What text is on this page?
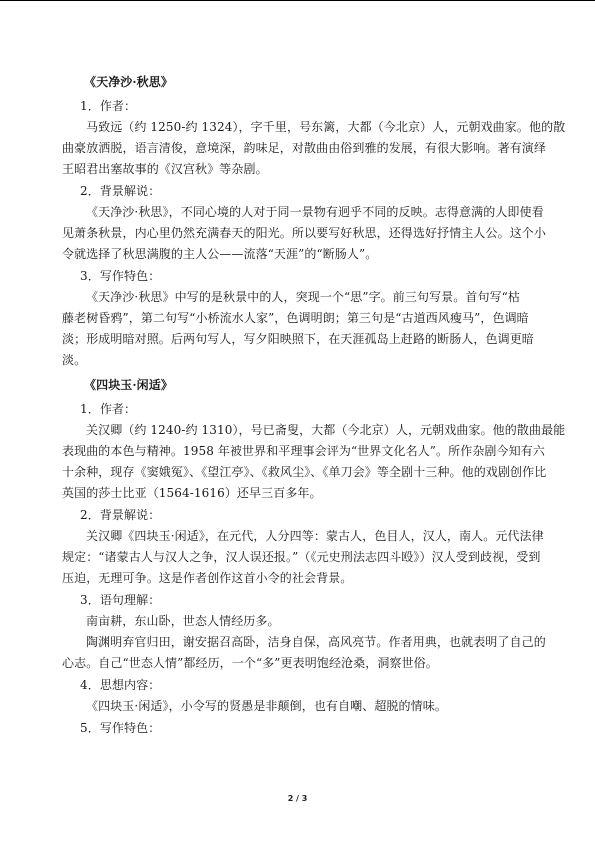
《天净沙·秋思》
1．作者：
马致远（约 1250-约 1324），字千里，号东篱，大都（今北京）人，元朝戏曲家。他的散
曲豪放洒脱，语言清俊，意境深，韵味足，对散曲由俗到雅的发展，有很大影响。著有演绎
王昭君出塞故事的《汉宫秋》等杂剧。
2．背景解说：
《天净沙·秋思》，不同心境的人对于同一景物有迥乎不同的反映。志得意满的人即使看
见萧条秋景，内心里仍然充满春天的阳光。所以要写好秋思，还得选好抒情主人公。这个小
令就选择了秋思满腹的主人公——流落“天涯”的“断肠人”。
3．写作特色：
《天净沙·秋思》中写的是秋景中的人，突现一个“思”字。前三句写景。首句写“枯
藤老树昏鸦”，第二句写“小桥流水人家”，色调明朗；第三句是“古道西风瘦马”，色调暗
淡；形成明暗对照。后两句写人，写夕阳映照下，在天涯孤岛上赶路的断肠人，色调更暗
淡。
《四块玉·闲适》
1．作者：
关汉卿（约 1240-约 1310），号已斋叟，大都（今北京）人，元朝戏曲家。他的散曲最能
表现曲的本色与精神。1958 年被世界和平理事会评为“世界文化名人”。所作杂剧今知有六
十余种，现存《窦娥冤》、《望江亭》、《救风尘》、《单刀会》等全剧十三种。他的戏剧创作比
英国的莎士比亚（1564-1616）还早三百多年。
2．背景解说：
关汉卿《四块玉·闲适》，在元代，人分四等：蒙古人，色目人，汉人，南人。元代法律
规定：“诸蒙古人与汉人之争，汉人误还报。”（《元史刑法志四斗殴》）汉人受到歧视，受到
压迫，无理可争。这是作者创作这首小令的社会背景。
3．语句理解：
南亩耕，东山卧，世态人情经历多。
陶渊明弃官归田，谢安据召高卧，洁身自保，高风亮节。作者用典，也就表明了自己的
心志。自己“世态人情”都经历，一个“多”更表明饱经沧桑，洞察世俗。
4．思想内容：
《四块玉·闲适》，小令写的贤愚是非颠倒，也有自嘲、超脱的情味。
5．写作特色：
2 / 3
